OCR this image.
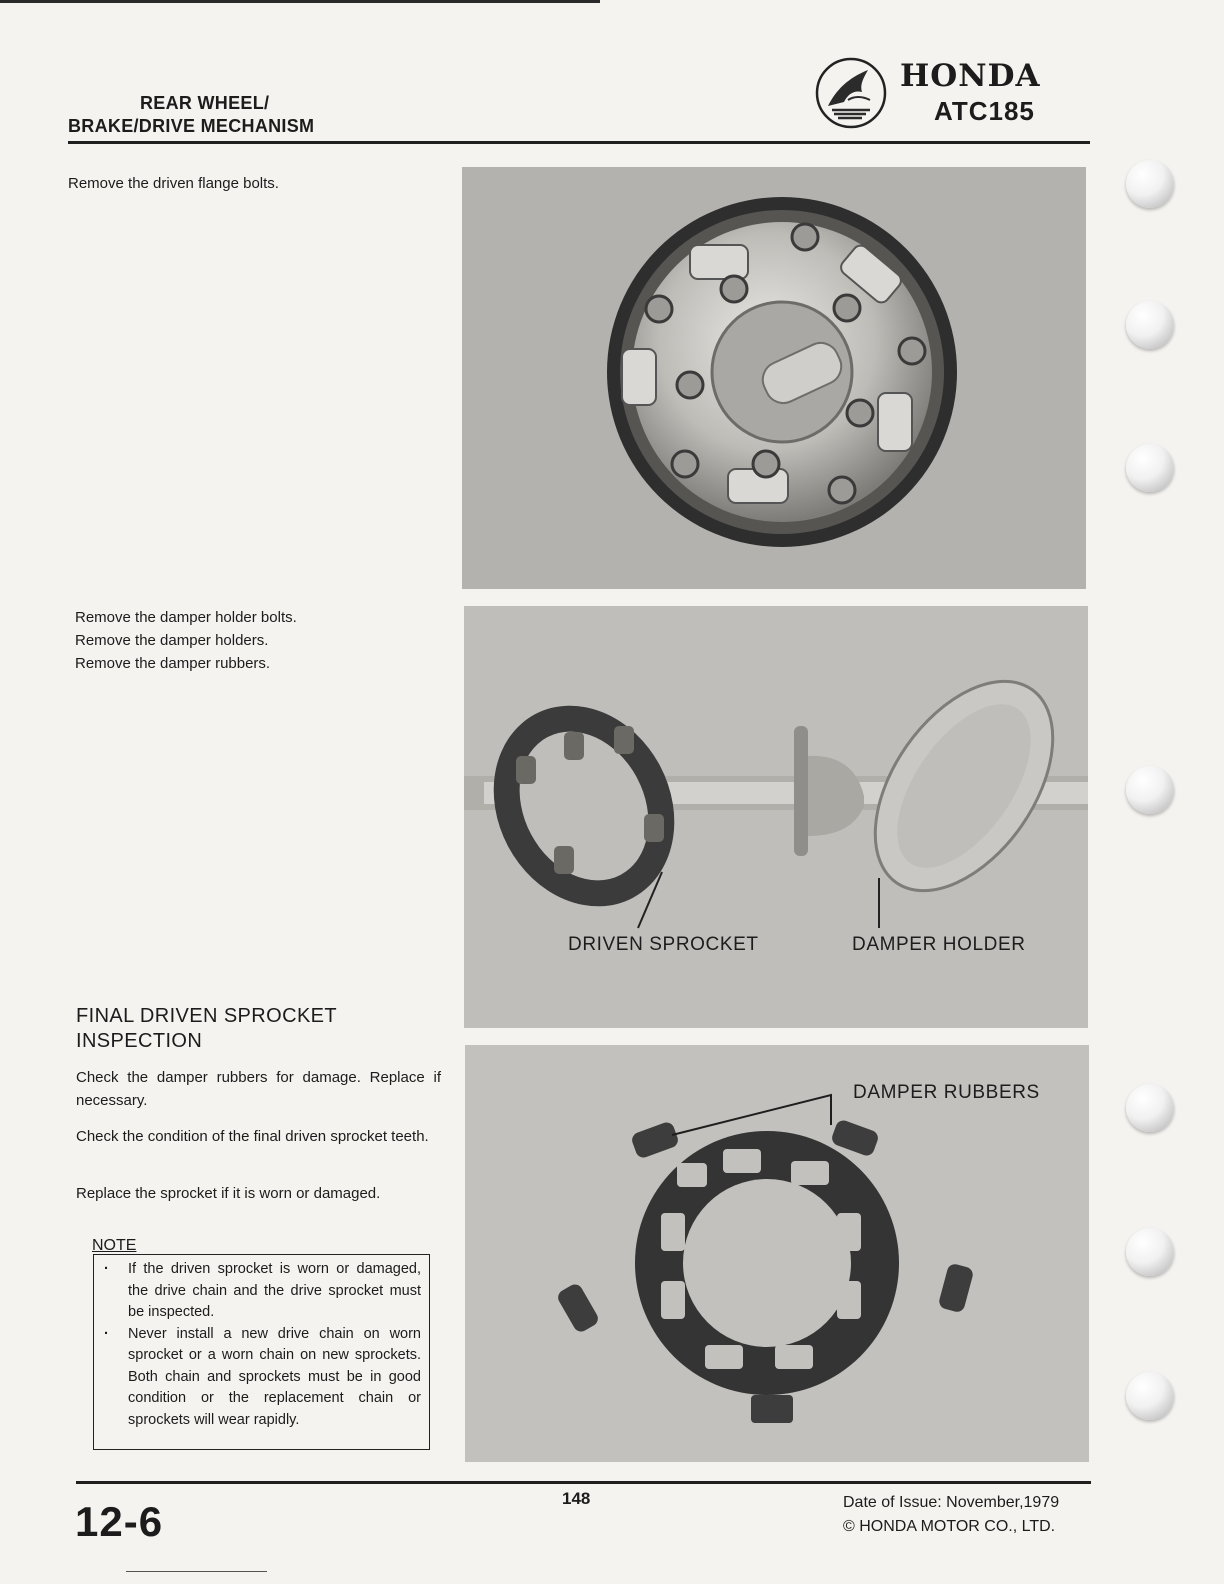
REAR WHEEL/
BRAKE/DRIVE MECHANISM
HONDA
ATC185
Remove the driven flange bolts.
Remove the damper holder bolts.
Remove the damper holders.
Remove the damper rubbers.
FINAL DRIVEN SPROCKET
INSPECTION
Check the damper rubbers for damage. Replace if necessary.
Check the condition of the final driven sprocket teeth.
Replace the sprocket if it is worn or damaged.
NOTE
· If the driven sprocket is worn or damaged, the drive chain and the drive sprocket must be inspected.
· Never install a new drive chain on worn sprocket or a worn chain on new sprockets. Both chain and sprockets must be in good condition or the replacement chain or sprockets will wear rapidly.
DRIVEN SPROCKET	DAMPER HOLDER
DAMPER RUBBERS
12-6	148	Date of Issue: November,1979
© HONDA MOTOR CO., LTD.
